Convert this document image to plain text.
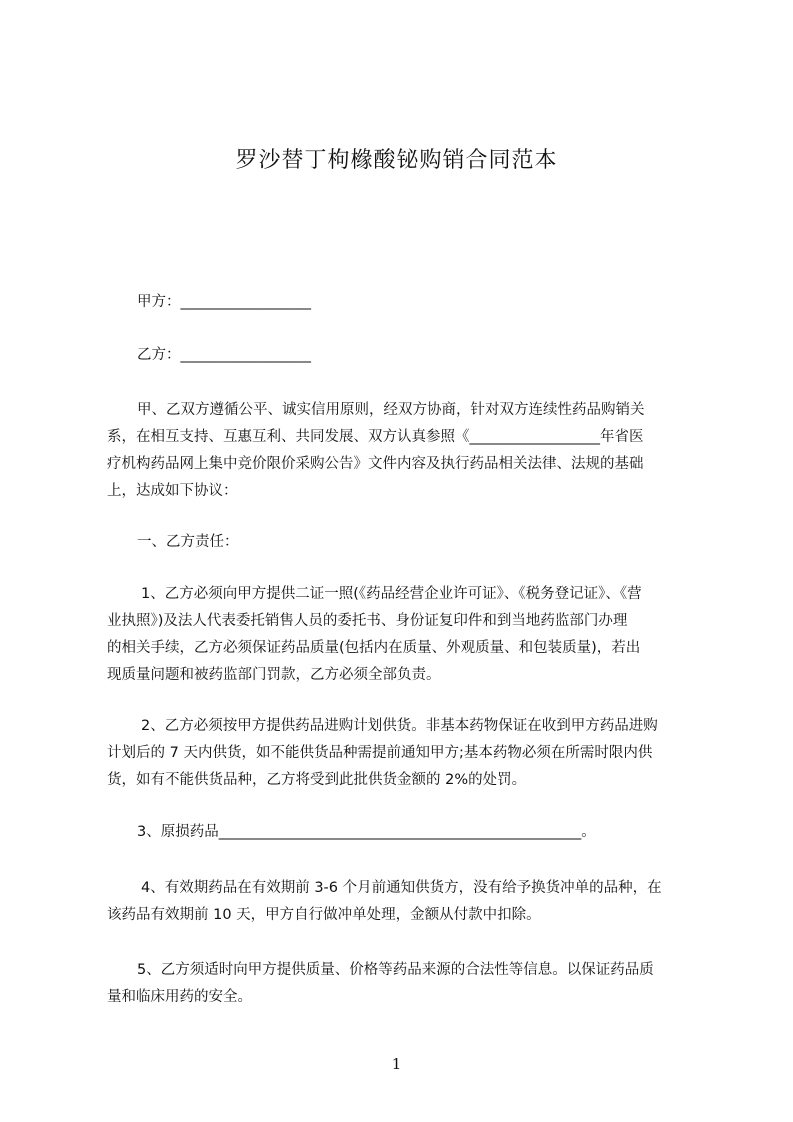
罗沙替丁枸橼酸铋购销合同范本
甲方：__________________
乙方：__________________
甲、乙双方遵循公平、诚实信用原则，经双方协商，针对双方连续性药品购销关
系，在相互支持、互惠互利、共同发展、双方认真参照《__________________年省医
疗机构药品网上集中竞价限价采购公告》文件内容及执行药品相关法律、法规的基础
上，达成如下协议：
一、乙方责任：
1、乙方必须向甲方提供二证一照(《药品经营企业许可证》、《税务登记证》、《营
业执照》)及法人代表委托销售人员的委托书、身份证复印件和到当地药监部门办理
的相关手续，乙方必须保证药品质量(包括内在质量、外观质量、和包装质量)，若出
现质量问题和被药监部门罚款，乙方必须全部负责。
2、乙方必须按甲方提供药品进购计划供货。非基本药物保证在收到甲方药品进购
计划后的 7 天内供货，如不能供货品种需提前通知甲方;基本药物必须在所需时限内供
货，如有不能供货品种，乙方将受到此批供货金额的 2%的处罚。
3、原损药品__________________________________________________。
4、有效期药品在有效期前 3-6 个月前通知供货方，没有给予换货冲单的品种，在
该药品有效期前 10 天，甲方自行做冲单处理，金额从付款中扣除。
5、乙方须适时向甲方提供质量、价格等药品来源的合法性等信息。以保证药品质
量和临床用药的安全。
1
